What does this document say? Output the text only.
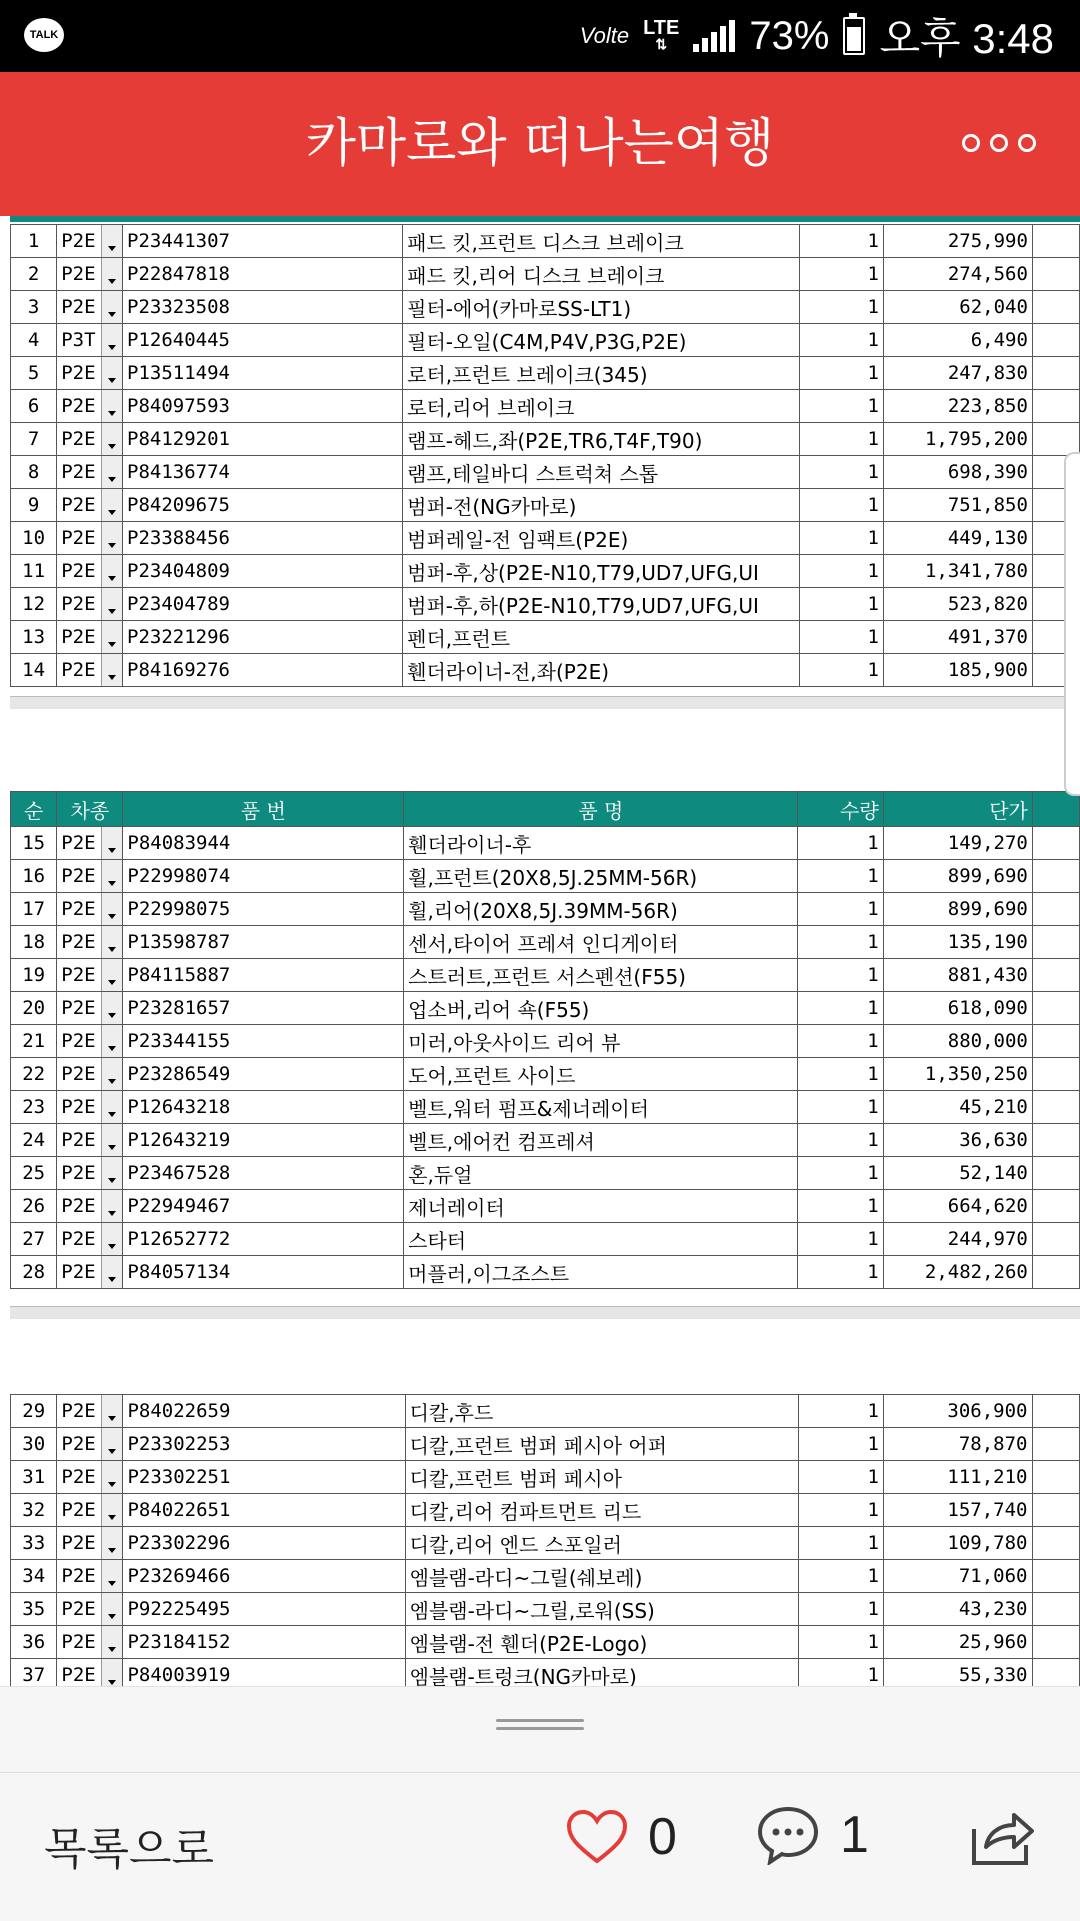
TALK	Volte LTE
⇅	73% 오후 3:48
카마로와 떠나는여행
1	P2E	P23441307	패드 킷,프런트 디스크 브레이크	1	275,990	
2	P2E	P22847818	패드 킷,리어 디스크 브레이크	1	274,560	
3	P2E	P23323508	필터-에어(카마로SS-LT1)	1	62,040	
4	P3T	P12640445	필터-오일(C4M,P4V,P3G,P2E)	1	6,490	
5	P2E	P13511494	로터,프런트 브레이크(345)	1	247,830	
6	P2E	P84097593	로터,리어 브레이크	1	223,850	
7	P2E	P84129201	램프-헤드,좌(P2E,TR6,T4F,T90)	1	1,795,200	
8	P2E	P84136774	램프,테일바디 스트럭쳐 스톱	1	698,390	
9	P2E	P84209675	범퍼-전(NG카마로)	1	751,850	
10	P2E	P23388456	범퍼레일-전 임팩트(P2E)	1	449,130	
11	P2E	P23404809	범퍼-후,상(P2E-N10,T79,UD7,UFG,UI	1	1,341,780	
12	P2E	P23404789	범퍼-후,하(P2E-N10,T79,UD7,UFG,UI	1	523,820	
13	P2E	P23221296	펜더,프런트	1	491,370	
14	P2E	P84169276	휀더라이너-전,좌(P2E)	1	185,900	
순	차종	품 번	품 명	수량	단가	
15	P2E	P84083944	휀더라이너-후	1	149,270	
16	P2E	P22998074	휠,프런트(20X8,5J.25MM-56R)	1	899,690	
17	P2E	P22998075	휠,리어(20X8,5J.39MM-56R)	1	899,690	
18	P2E	P13598787	센서,타이어 프레셔 인디게이터	1	135,190	
19	P2E	P84115887	스트러트,프런트 서스펜션(F55)	1	881,430	
20	P2E	P23281657	업소버,리어 쇽(F55)	1	618,090	
21	P2E	P23344155	미러,아웃사이드 리어 뷰	1	880,000	
22	P2E	P23286549	도어,프런트 사이드	1	1,350,250	
23	P2E	P12643218	벨트,워터 펌프&제너레이터	1	45,210	
24	P2E	P12643219	벨트,에어컨 컴프레셔	1	36,630	
25	P2E	P23467528	혼,듀얼	1	52,140	
26	P2E	P22949467	제너레이터	1	664,620	
27	P2E	P12652772	스타터	1	244,970	
28	P2E	P84057134	머플러,이그조스트	1	2,482,260	
29	P2E	P84022659	디칼,후드	1	306,900	
30	P2E	P23302253	디칼,프런트 범퍼 페시아 어퍼	1	78,870	
31	P2E	P23302251	디칼,프런트 범퍼 페시아	1	111,210	
32	P2E	P84022651	디칼,리어 컴파트먼트 리드	1	157,740	
33	P2E	P23302296	디칼,리어 엔드 스포일러	1	109,780	
34	P2E	P23269466	엠블램-라디~그릴(쉐보레)	1	71,060	
35	P2E	P92225495	엠블램-라디~그릴,로워(SS)	1	43,230	
36	P2E	P23184152	엠블램-전 휀더(P2E-Logo)	1	25,960	
37	P2E	P84003919	엠블램-트렁크(NG카마로)	1	55,330	
목록으로	0	1
